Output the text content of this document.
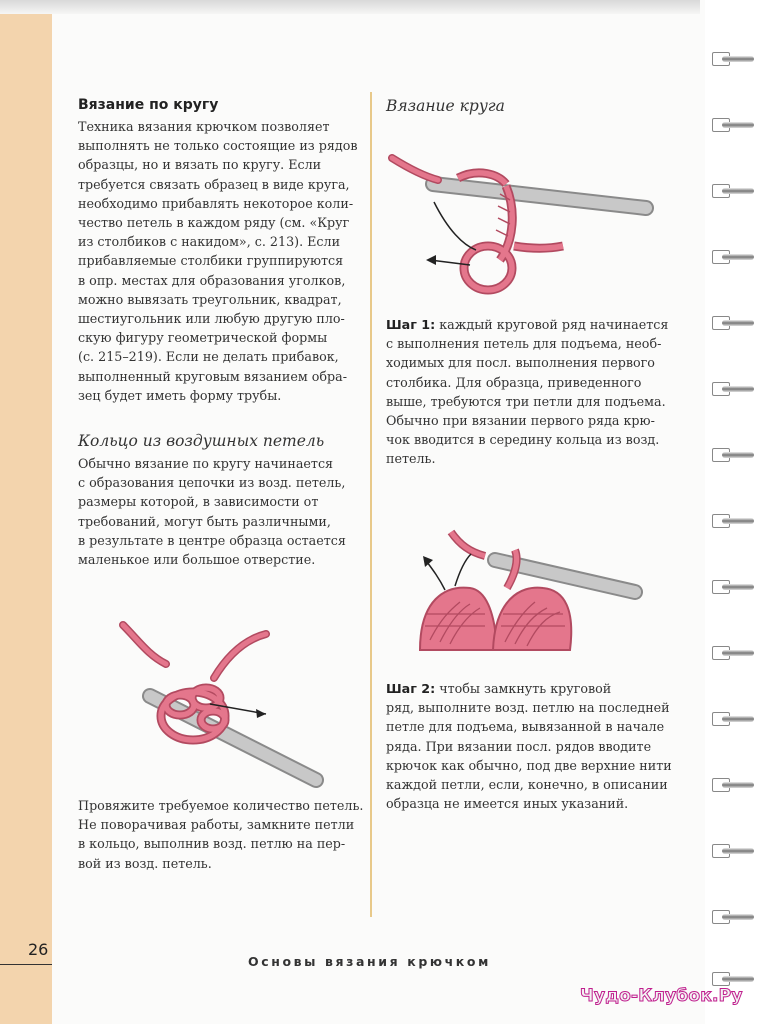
Вязание по кругу
Техника вязания крючком позволяет
выполнять не только состоящие из рядов
образцы, но и вязать по кругу. Если
требуется связать образец в виде круга,
необходимо прибавлять некоторое коли-
чество петель в каждом ряду (см. «Круг
из столбиков с накидом», с. 213). Если
прибавляемые столбики группируются
в опр. местах для образования уголков,
можно вывязать треугольник, квадрат,
шестиугольник или любую другую пло-
скую фигуру геометрической формы
(с. 215–219). Если не делать прибавок,
выполненный круговым вязанием обра-
зец будет иметь форму трубы.
Кольцо из воздушных петель
Обычно вязание по кругу начинается
с образования цепочки из возд. петель,
размеры которой, в зависимости от
требований, могут быть различными,
в результате в центре образца остается
маленькое или большое отверстие.
Провяжите требуемое количество петель.
Не поворачивая работы, замкните петли
в кольцо, выполнив возд. петлю на пер-
вой из возд. петель.
Вязание круга
Шаг 1: каждый круговой ряд начинается
с выполнения петель для подъема, необ-
ходимых для посл. выполнения первого
столбика. Для образца, приведенного
выше, требуются три петли для подъема.
Обычно при вязании первого ряда крю-
чок вводится в середину кольца из возд.
петель.
Шаг 2: чтобы замкнуть круговой
ряд, выполните возд. петлю на последней
петле для подъема, вывязанной в начале
ряда. При вязании посл. рядов вводите
крючок как обычно, под две верхние нити
каждой петли, если, конечно, в описании
образца не имеется иных указаний.
26
Основы вязания крючком
Чудо-Клубок.Ру
